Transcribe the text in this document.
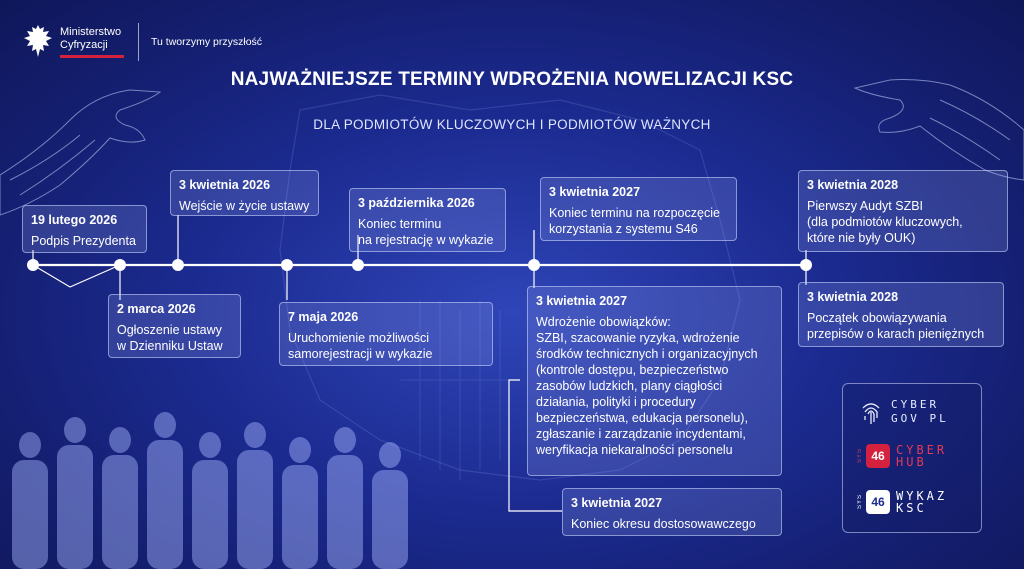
Ministerstwo
Cyfryzacji	Tu tworzymy przyszłość
NAJWAŻNIEJSZE TERMINY WDROŻENIA NOWELIZACJI KSC
DLA PODMIOTÓW KLUCZOWYCH I PODMIOTÓW WAŻNYCH
19 lutego 2026
Podpis Prezydenta
2 marca 2026
Ogłoszenie ustawy
w Dzienniku Ustaw
3 kwietnia 2026
Wejście w życie ustawy
7 maja 2026
Uruchomienie możliwości
samorejestracji w wykazie
3 października 2026
Koniec terminu
na rejestrację w wykazie
3 kwietnia 2027
Koniec terminu na rozpoczęcie
korzystania z systemu S46
3 kwietnia 2027
Wdrożenie obowiązków:
SZBI, szacowanie ryzyka, wdrożenie
środków technicznych i organizacyjnych
(kontrole dostępu, bezpieczeństwo
zasobów ludzkich, plany ciągłości
działania, polityki i procedury
bezpieczeństwa, edukacja personelu),
zgłaszanie i zarządzanie incydentami,
weryfikacja niekaralności personelu
3 kwietnia 2027
Koniec okresu dostosowawczego
3 kwietnia 2028
Pierwszy Audyt SZBI
(dla podmiotów kluczowych,
które nie były OUK)
3 kwietnia 2028
Początek obowiązywania
przepisów o karach pieniężnych
CYBER
GOV PL
SYS 46 CYBER
HUB
SYS 46 WYKAZ
KSC
